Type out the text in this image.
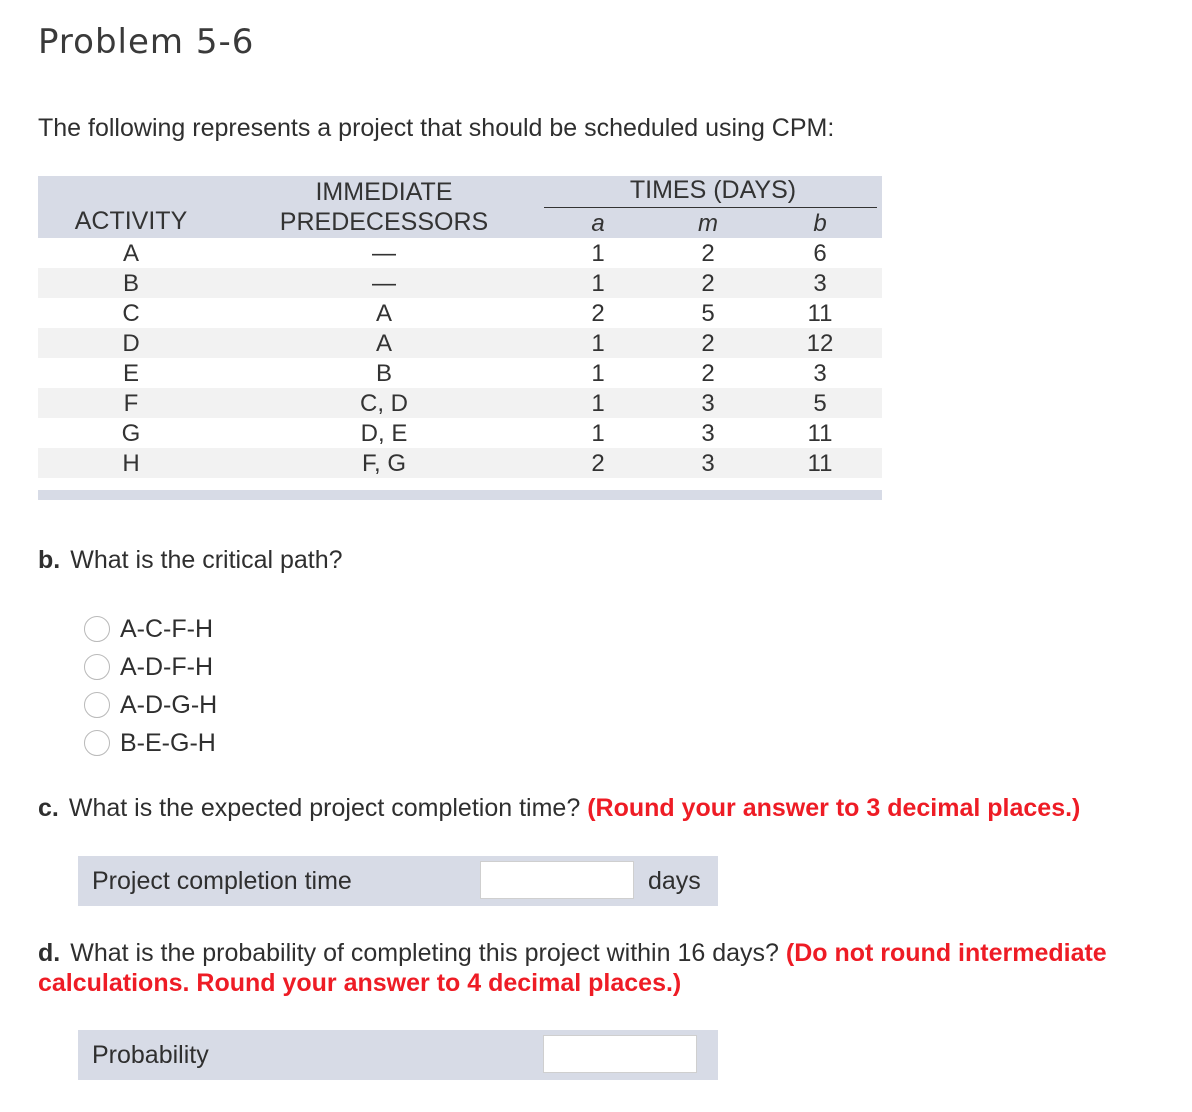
Problem 5-6
The following represents a project that should be scheduled using CPM:
ACTIVITY
IMMEDIATE
PREDECESSORS
TIMES (DAYS)
a	m	b
A	—	1	2	6
B	—	1	2	3
C	A	2	5	11
D	A	1	2	12
E	B	1	2	3
F	C, D	1	3	5
G	D, E	1	3	11
H	F, G	2	3	11
b. What is the critical path?
A-C-F-H
A-D-F-H
A-D-G-H
B-E-G-H
c. What is the expected project completion time? (Round your answer to 3 decimal places.)
Project completion time	days
d. What is the probability of completing this project within 16 days? (Do not round intermediate calculations. Round your answer to 4 decimal places.)
Probability
